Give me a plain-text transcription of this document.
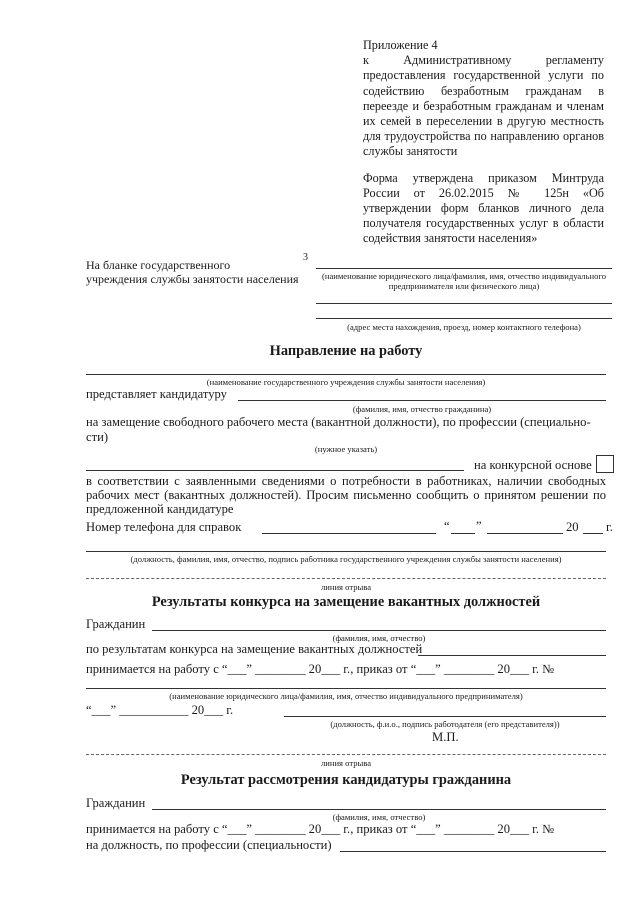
Приложение 4

к Административному регламенту предоставления государственной услуги по содействию безработным гражданам в переезде и безработным гражданам и членам их семей в переселении в другую местность для трудоустройства по направлению органов службы занятости

Форма утверждена приказом Минтруда России от 26.02.2015 № 125н «Об утверждении форм бланков личного дела получателя государственных услуг в области содействия занятости населения»

3
На бланке государственного
учреждения службы занятости населения	(наименование юридического лица/фамилия, имя, отчество индивидуального предпринимателя или физического лица)
(адрес места нахождения, проезд, номер контактного телефона)
Направление на работу
(наименование государственного учреждения службы занятости населения)
представляет кандидатуру
(фамилия, имя, отчество гражданина)
на замещение свободного рабочего места (вакантной должности), по профессии (специально-
сти)
(нужное указать)
на конкурсной основе
в соответствии с заявленными сведениями о потребности в работниках, наличии свободных рабочих мест (вакантных должностей). Просим письменно сообщить о принятом решении по предложенной кандидатуре
Номер телефона для справок	“ ”	20 г.
(должность, фамилия, имя, отчество, подпись работника государственного учреждения службы занятости населения)
линия отрыва
Результаты конкурса на замещение вакантных должностей
Гражданин
(фамилия, имя, отчество)
по результатам конкурса на замещение вакантных должностей
принимается на работу с “___” ________ 20___ г., приказ от “___” ________ 20___ г. №
(наименование юридического лица/фамилия, имя, отчество индивидуального предпринимателя)
“___” ___________ 20___ г.
(должность, ф.и.о., подпись работодателя (его представителя))
М.П.
линия отрыва
Результат рассмотрения кандидатуры гражданина
Гражданин
(фамилия, имя, отчество)
принимается на работу с “___” ________ 20___ г., приказ от “___” ________ 20___ г. №
на должность, по профессии (специальности)
